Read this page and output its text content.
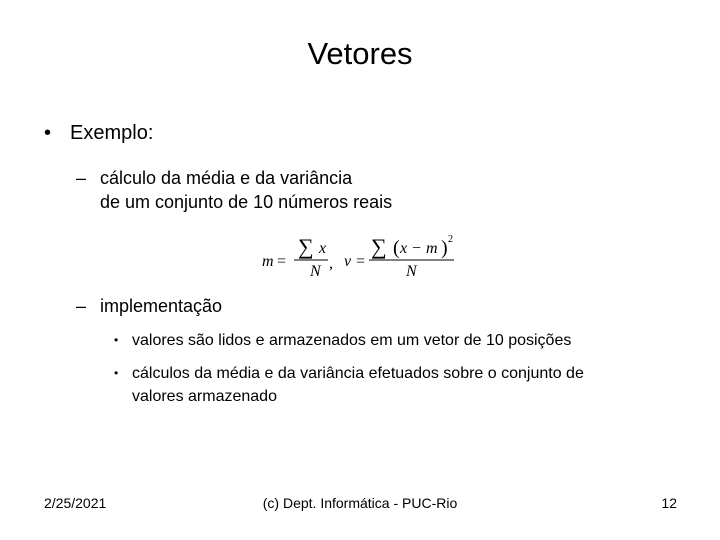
Vetores
• Exemplo:
– cálculo da média e da variância
de um conjunto de 10 números reais
m
N
x
v
x m
N
=	, =
∑	∑ ( − ) 2
– implementação
• valores são lidos e armazenados em um vetor de 10 posições
• cálculos da média e da variância efetuados sobre o conjunto de
valores armazenado
2/25/2021	(c) Dept. Informática - PUC-Rio	12
